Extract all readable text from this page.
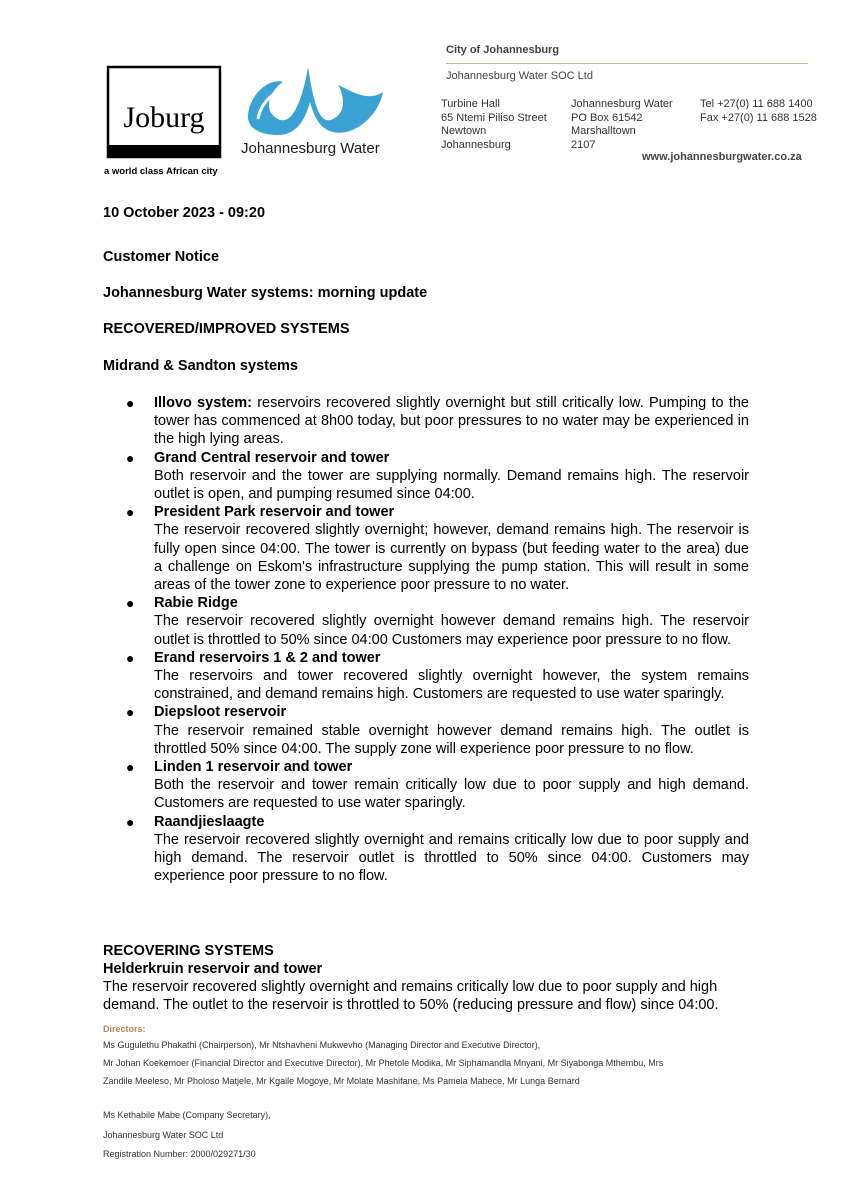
Joburg
a world class African city
Johannesburg Water
City of Johannesburg
Johannesburg Water SOC Ltd
Turbine Hall
65 Ntemi Piliso Street
Newtown
Johannesburg
Johannesburg Water
PO Box 61542
Marshalltown
2107
Tel +27(0) 11 688 1400
Fax +27(0) 11 688 1528
www.johannesburgwater.co.za
10 October 2023 - 09:20
Customer Notice
Johannesburg Water systems: morning update
RECOVERED/IMPROVED SYSTEMS
Midrand & Sandton systems
● Illovo system: reservoirs recovered slightly overnight but still critically low. Pumping to the tower has commenced at 8h00 today, but poor pressures to no water may be experienced in the high lying areas.
● Grand Central reservoir and tower
Both reservoir and the tower are supplying normally. Demand remains high. The reservoir outlet is open, and pumping resumed since 04:00.
● President Park reservoir and tower
The reservoir recovered slightly overnight; however, demand remains high. The reservoir is fully open since 04:00. The tower is currently on bypass (but feeding water to the area) due a challenge on Eskom's infrastructure supplying the pump station. This will result in some areas of the tower zone to experience poor pressure to no water.
● Rabie Ridge
The reservoir recovered slightly overnight however demand remains high. The reservoir outlet is throttled to 50% since 04:00 Customers may experience poor pressure to no flow.
● Erand reservoirs 1 & 2 and tower
The reservoirs and tower recovered slightly overnight however, the system remains constrained, and demand remains high. Customers are requested to use water sparingly.
● Diepsloot reservoir
The reservoir remained stable overnight however demand remains high. The outlet is throttled 50% since 04:00. The supply zone will experience poor pressure to no flow.
● Linden 1 reservoir and tower
Both the reservoir and tower remain critically low due to poor supply and high demand. Customers are requested to use water sparingly.
● Raandjieslaagte
The reservoir recovered slightly overnight and remains critically low due to poor supply and high demand. The reservoir outlet is throttled to 50% since 04:00. Customers may experience poor pressure to no flow.
RECOVERING SYSTEMS
Helderkruin reservoir and tower
The reservoir recovered slightly overnight and remains critically low due to poor supply and high demand. The outlet to the reservoir is throttled to 50% (reducing pressure and flow) since 04:00.
Directors:
Ms Gugulethu Phakathi (Chairperson), Mr Ntshavheni Mukwevho (Managing Director and Executive Director),
Mr Johan Koekemoer (Financial Director and Executive Director), Mr Phetole Modika, Mr Siphamandla Mnyani, Mr Siyabonga Mthembu, Mrs
Zandile Meeleso, Mr Pholoso Matjele, Mr Kgaile Mogoye, Mr Molate Mashifane, Ms Pamela Mabece, Mr Lunga Bernard
Ms Kethabile Mabe (Company Secretary),
Johannesburg Water SOC Ltd
Registration Number: 2000/029271/30
